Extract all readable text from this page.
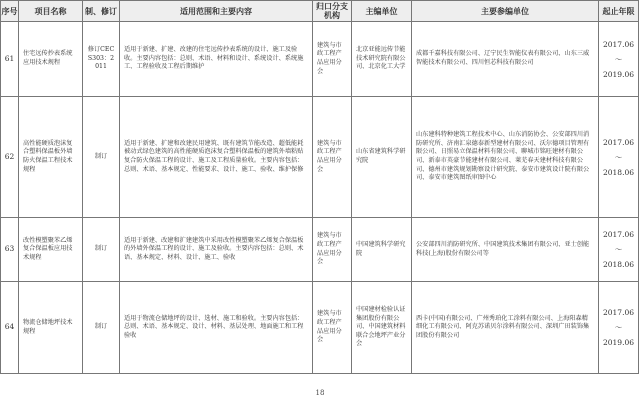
序号	项目名称	制、修订	适用范围和主要内容	归口分支机构	主编单位	主要参编单位	起止年限
61	住宅远传抄表系统应用技术规程	修订CECS303：2011	适用于新建、扩建、改建的住宅远传抄表系统的设计、施工及验收。主要内容包括：总则、术语、材料和设计、系统设计、系统施工、工程验收及工程后期维护	建筑与市政工程产品应用分会	北京亚能远传节能技术研究院有限公司、北京化工大学	成都千嘉科技有限公司、辽宁民生智能仪表有限公司、山东三威智能技术有限公司、四川恒芯科技有限公司	2017.06
～
2019.06
62	高性能硬质泡沫复合塑料保温板外墙防火保温工程技术规程	制订	适用于新建、扩建和改建民用建筑、既有建筑节能改造、超低能耗被动式绿色建筑的高性能硬质泡沫复合塑料保温板的建筑外墙粘贴复合防火保温工程的设计、施工及工程质量验收。主要内容包括：总则、术语、基本规定、性能要求、设计、施工、验收、维护保修	建筑与市政工程产品应用分会	山东省建筑科学研究院	山东建科特种建筑工程技术中心、山东消防协会、公安部四川消防研究所、济南汇泉德泰新型建材有限公司、沃尔德项目管理有限公司、日照易立保温材料有限公司、聊城市铭旺建材有限公司、新泰市英豪节能建材有限公司、莱芜春天建材科技有限公司、德州市建筑规划勘察设计研究院、泰安市建筑设计院有限公司、泰安市建筑图纸审图中心	2017.06
～
2018.06
63	改性模塑聚苯乙烯复合保温板应用技术规程	制订	适用于新建、改建和扩建建筑中采用改性模塑聚苯乙烯复合保温板的外墙外保温工程的设计、施工及验收。主要内容包括：总则、术语、基本规定、材料、设计、施工、验收	建筑与市政工程产品应用分会	中国建筑科学研究院	公安部四川消防研究所、中国建筑技术集团有限公司、亚士创能科技(上海)股份有限公司等	2017.06
～
2018.06
64	物流仓储地坪技术规程	制订	适用于物流仓储地坪的设计、选材、施工和验收。主要内容包括：总则、术语、基本规定、设计、材料、基层处理、地面施工和工程验收	建筑与市政工程产品应用分会	中国建材检验认证集团股份有限公司、中国建筑材料联合会地坪产业分会	西卡(中国)有限公司、广州秀珀化工涂料有限公司、上海阳森精细化工有限公司、阿克苏诺贝尔涂料有限公司、深圳广田装饰集团股份有限公司	2017.06
～
2019.06
18
